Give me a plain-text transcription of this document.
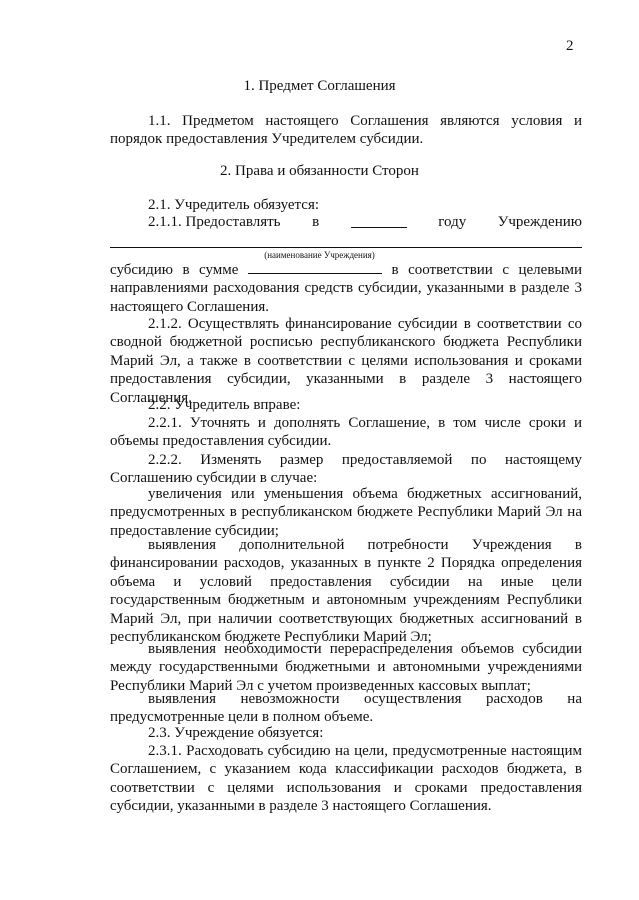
2
1. Предмет Соглашения
1.1. Предметом настоящего Соглашения являются условия и порядок предоставления Учредителем субсидии.
2. Права и обязанности Сторон
2.1. Учредитель обязуется:
2.1.1. Предоставлять в	году Учреждению
(наименование Учреждения)
субсидию в сумме	в соответствии с целевыми направлениями расходования средств субсидии, указанными в разделе 3 настоящего Соглашения.
2.1.2. Осуществлять финансирование субсидии в соответствии со сводной бюджетной росписью республиканского бюджета Республики Марий Эл, а также в соответствии с целями использования и сроками предоставления субсидии, указанными в разделе 3 настоящего Соглашения.
2.2. Учредитель вправе:
2.2.1. Уточнять и дополнять Соглашение, в том числе сроки и объемы предоставления субсидии.
2.2.2. Изменять размер предоставляемой по настоящему Соглашению субсидии в случае:
увеличения или уменьшения объема бюджетных ассигнований, предусмотренных в республиканском бюджете Республики Марий Эл на предоставление субсидии;
выявления дополнительной потребности Учреждения в финансировании расходов, указанных в пункте 2 Порядка определения объема и условий предоставления субсидии на иные цели государственным бюджетным и автономным учреждениям Республики Марий Эл, при наличии соответствующих бюджетных ассигнований в республиканском бюджете Республики Марий Эл;
выявления необходимости перераспределения объемов субсидии между государственными бюджетными и автономными учреждениями Республики Марий Эл с учетом произведенных кассовых выплат;
выявления невозможности осуществления расходов на предусмотренные цели в полном объеме.
2.3. Учреждение обязуется:
2.3.1. Расходовать субсидию на цели, предусмотренные настоящим Соглашением, с указанием кода классификации расходов бюджета, в соответствии с целями использования и сроками предоставления субсидии, указанными в разделе 3 настоящего Соглашения.
